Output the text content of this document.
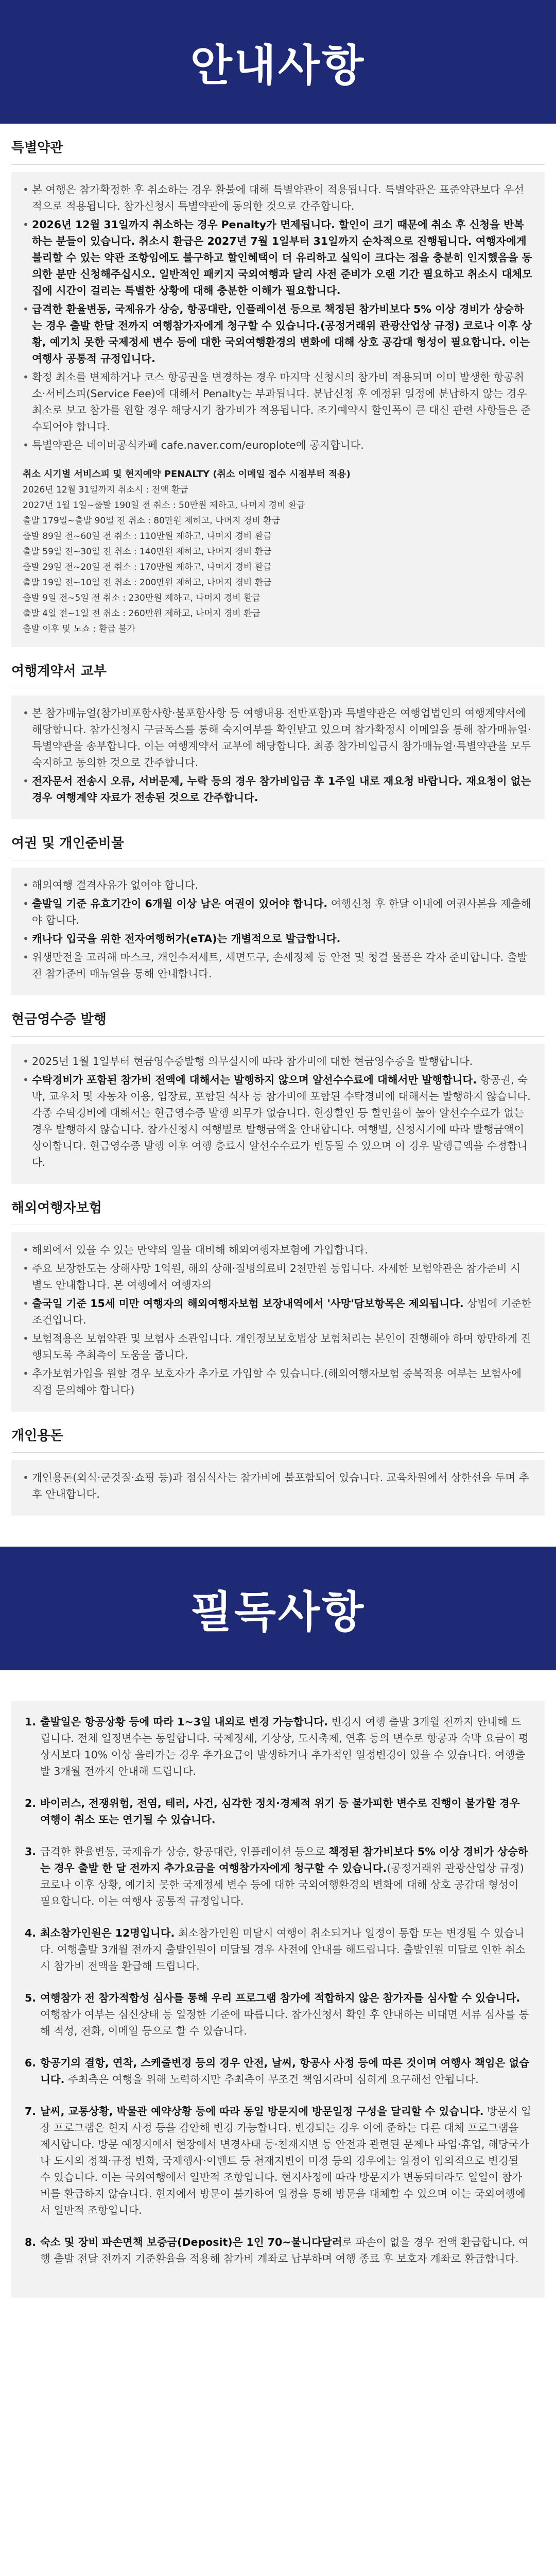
안내사항
특별약관
• 본 여행은 참가확정한 후 취소하는 경우 환불에 대해 특별약관이 적용됩니다. 특별약관은 표준약관보다 우선적으로 적용됩니다. 참가신청시 특별약관에 동의한 것으로 간주합니다.
• 2026년 12월 31일까지 취소하는 경우 Penalty가 면제됩니다. 할인이 크기 때문에 취소 후 신청을 반복하는 분들이 있습니다. 취소시 환급은 2027년 7월 1일부터 31일까지 순차적으로 진행됩니다. 여행자에게 불리할 수 있는 약관 조항임에도 불구하고 할인혜택이 더 유리하고 실익이 크다는 점을 충분히 인지했음을 동의한 분만 신청해주십시오. 일반적인 패키지 국외여행과 달리 사전 준비가 오랜 기간 필요하고 취소시 대체모집에 시간이 걸리는 특별한 상황에 대해 충분한 이해가 필요합니다.
• 급격한 환율변동, 국제유가 상승, 항공대란, 인플레이션 등으로 책정된 참가비보다 5% 이상 경비가 상승하는 경우 출발 한달 전까지 여행참가자에게 청구할 수 있습니다.(공정거래위 관광산업상 규정) 코로나 이후 상황, 예기치 못한 국제정세 변수 등에 대한 국외여행환경의 변화에 대해 상호 공감대 형성이 필요합니다. 이는 여행사 공통적 규정입니다.
• 확정 최소를 변제하거나 코스 항공권을 변경하는 경우 마지막 신청시의 참가비 적용되며 이미 발생한 항공취소·서비스피(Service Fee)에 대해서 Penalty는 부과됩니다. 분납신청 후 예정된 일정에 분납하지 않는 경우 최소로 보고 참가를 원할 경우 해당시기 참가비가 적용됩니다. 조기예약시 할인폭이 큰 대신 관련 사항들은 준수되어야 합니다.
• 특별약관은 네이버공식카페 cafe.naver.com/europlote에 공지합니다.
취소 시기별 서비스피 및 현지예약 PENALTY (취소 이메일 접수 시점부터 적용)
2026년 12월 31일까지 취소시 : 전액 환급
2027년 1월 1일~출발 190일 전 취소 : 50만원 제하고, 나머지 경비 환급
출발 179일~출발 90일 전 취소 : 80만원 제하고, 나머지 경비 환급
출발 89일 전~60일 전 취소 : 110만원 제하고, 나머지 경비 환급
출발 59일 전~30일 전 취소 : 140만원 제하고, 나머지 경비 환급
출발 29일 전~20일 전 취소 : 170만원 제하고, 나머지 경비 환급
출발 19일 전~10일 전 취소 : 200만원 제하고, 나머지 경비 환급
출발 9일 전~5일 전 취소 : 230만원 제하고, 나머지 경비 환급
출발 4일 전~1일 전 취소 : 260만원 제하고, 나머지 경비 환급
출발 이후 및 노쇼 : 환급 불가
여행계약서 교부
• 본 참가매뉴얼(참가비포함사항·불포함사항 등 여행내용 전반포함)과 특별약관은 여행업법인의 여행계약서에 해당합니다. 참가신청시 구글독스를 통해 숙지여부를 확인받고 있으며 참가확정시 이메일을 통해 참가매뉴얼·특별약관을 송부합니다. 이는 여행계약서 교부에 해당합니다. 최종 참가비입금시 참가매뉴얼·특별약관을 모두 숙지하고 동의한 것으로 간주합니다.
• 전자문서 전송시 오류, 서버문제, 누락 등의 경우 참가비입금 후 1주일 내로 재요청 바랍니다. 재요청이 없는 경우 여행계약 자료가 전송된 것으로 간주합니다.
여권 및 개인준비물
• 해외여행 결격사유가 없어야 합니다.
• 출발일 기준 유효기간이 6개월 이상 남은 여권이 있어야 합니다. 여행신청 후 한달 이내에 여권사본을 제출해야 합니다.
• 캐나다 입국을 위한 전자여행허가(eTA)는 개별적으로 발급합니다.
• 위생만전을 고려해 마스크, 개인수저세트, 세면도구, 손세정제 등 안전 및 청결 물품은 각자 준비합니다. 출발 전 참가준비 매뉴얼을 통해 안내합니다.
현금영수증 발행
• 2025년 1월 1일부터 현금영수증발행 의무실시에 따라 참가비에 대한 현금영수증을 발행합니다.
• 수탁경비가 포함된 참가비 전액에 대해서는 발행하지 않으며 알선수수료에 대해서만 발행합니다. 항공권, 숙박, 교우처 및 자동차 이용, 입장료, 포함된 식사 등 참가비에 포함된 수탁경비에 대해서는 발행하지 않습니다. 각종 수탁경비에 대해서는 현금영수증 발행 의무가 없습니다. 현장할인 등 할인율이 높아 알선수수료가 없는 경우 발행하지 않습니다. 참가신청시 여행별로 발행금액을 안내합니다. 여행별, 신청시기에 따라 발행금액이 상이합니다. 현금영수증 발행 이후 여행 층료시 알선수수료가 변동될 수 있으며 이 경우 발행금액을 수정합니다.
해외여행자보험
• 해외에서 있을 수 있는 만약의 일을 대비해 해외여행자보험에 가입합니다.
• 주요 보장한도는 상해사망 1억원, 해외 상해·질병의료비 2천만원 등입니다. 자세한 보험약관은 참가준비 시 별도 안내합니다. 본 여행에서 여행자의
• 출국일 기준 15세 미만 여행자의 해외여행자보험 보장내역에서 '사망'담보항목은 제외됩니다. 상법에 기준한 조건입니다.
• 보험적용은 보험약관 및 보험사 소관입니다. 개인정보보호법상 보험처리는 본인이 진행해야 하며 항만하게 진행되도록 추최측이 도움을 줍니다.
• 추가보험가입을 원할 경우 보호자가 추가로 가입할 수 있습니다.(해외여행자보험 중복적용 여부는 보험사에 직접 문의해야 합니다)
개인용돈
• 개인용돈(외식·군것질·쇼핑 등)과 점심식사는 참가비에 불포함되어 있습니다. 교육차원에서 상한선을 두며 추후 안내합니다.
필독사항
1. 출발일은 항공상황 등에 따라 1~3일 내외로 변경 가능합니다. 변경시 여행 출발 3개월 전까지 안내해 드립니다. 전체 일정변수는 동일합니다. 국제정세, 기상상, 도시축제, 연휴 등의 변수로 항공과 숙박 요금이 평상시보다 10% 이상 올라가는 경우 추가요금이 발생하거나 추가적인 일정변경이 있을 수 있습니다. 여행출발 3개월 전까지 안내해 드립니다.
2. 바이러스, 전쟁위험, 전염, 테러, 사건, 심각한 정치·경제적 위기 등 불가피한 변수로 진행이 불가할 경우 여행이 취소 또는 연기될 수 있습니다.
3. 급격한 환율변동, 국제유가 상승, 항공대란, 인플레이션 등으로 책정된 참가비보다 5% 이상 경비가 상승하는 경우 출발 한 달 전까지 추가요금을 여행참가자에게 청구할 수 있습니다.(공정거래위 관광산업상 규정) 코로나 이후 상황, 예기치 못한 국제정세 변수 등에 대한 국외여행환경의 변화에 대해 상호 공감대 형성이 필요합니다. 이는 여행사 공통적 규정입니다.
4. 최소참가인원은 12명입니다. 최소참가인원 미달시 여행이 취소되거나 일정이 통합 또는 변경될 수 있습니다. 여행출발 3개월 전까지 출발인원이 미달될 경우 사전에 안내를 해드립니다. 출발인원 미달로 인한 취소시 참가비 전액을 환급해 드립니다.
5. 여행참가 전 참가적합성 심사를 통해 우리 프로그램 참가에 적합하지 않은 참가자를 심사할 수 있습니다. 여행참가 여부는 심신상태 등 일정한 기준에 따릅니다. 참가신청서 확인 후 안내하는 비대면 서류 심사를 통해 적성, 전화, 이메일 등으로 할 수 있습니다.
6. 항공기의 결항, 연착, 스케줄변경 등의 경우 안전, 날씨, 항공사 사정 등에 따른 것이며 여행사 책임은 없습니다. 주최측은 여행을 위해 노력하지만 추최측이 무조건 책임지라며 심히게 요구해선 안됩니다.
7. 날씨, 교통상황, 박물관 예약상황 등에 따라 동일 방문지에 방문일정 구성을 달리할 수 있습니다. 방문지 입장 프로그램은 현지 사정 등을 감안해 변경 가능합니다. 변경되는 경우 이에 준하는 다른 대체 프로그램을 제시합니다. 방문 예정지에서 현장에서 변경사태 등·천재지변 등 안전과 관련된 문제나 파업·휴업, 해당국가나 도시의 정책·규정 변화, 국제행사·이벤트 등 천재지변이 미정 등의 경우에는 일정이 임의적으로 변경될 수 있습니다. 이는 국외여행에서 일반적 조항입니다. 현지사정에 따라 방문지가 변동되더라도 일일이 참가비를 환급하지 않습니다. 현지에서 방문이 불가하여 일정을 통해 방문을 대체할 수 있으며 이는 국외여행에서 일반적 조항입니다.
8. 숙소 및 장비 파손면책 보증금(Deposit)은 1인 70~불니다달러로 파손이 없을 경우 전액 환급합니다. 여행 출발 전달 전까지 기준환율을 적용해 참가비 계좌로 납부하며 여행 종료 후 보호자 계좌로 환급합니다.
